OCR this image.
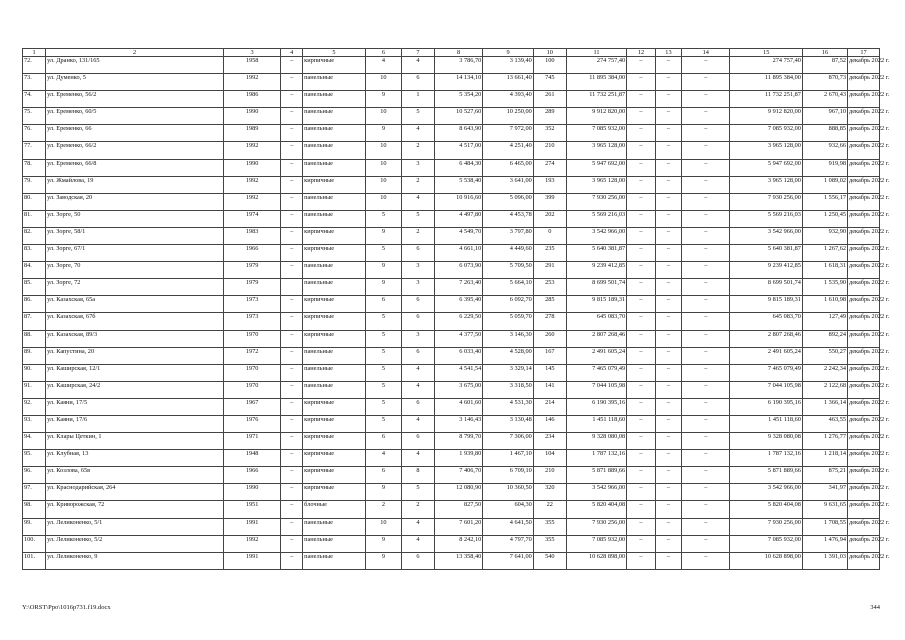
1	2	3	4	5	6	7	8	9	10	11	12	13	14	15	16	17
72.	ул. Дранко, 131/165	1958	–	кирпичные	4	4	3 786,70	3 139,40	100	274 757,40	–	–	–	274 757,40	87,52	декабрь 2022 г.
73.	ул. Думенко, 5	1992	–	панельные	10	6	14 134,10	13 661,40	745	11 895 384,00	–	–	–	11 895 384,00	870,73	декабрь 2022 г.
74.	ул. Еременко, 56/2	1986	–	панельные	9	1	5 354,20	4 393,40	261	11 732 251,87	–	–	–	11 732 251,87	2 670,43	декабрь 2022 г.
75.	ул. Еременко, 60/5	1990	–	панельные	10	5	10 527,60	10 250,00	289	9 912 820,00	–	–	–	9 912 820,00	967,10	декабрь 2022 г.
76.	ул. Еременко, 66	1989	–	панельные	9	4	8 643,90	7 972,00	352	7 085 932,00	–	–	–	7 085 932,00	888,85	декабрь 2022 г.
77.	ул. Еременко, 66/2	1992	–	панельные	10	2	4 517,00	4 251,40	210	3 965 128,00	–	–	–	3 965 128,00	932,66	декабрь 2022 г.
78.	ул. Еременко, 66/8	1990	–	панельные	10	3	6 484,30	6 465,00	274	5 947 692,00	–	–	–	5 947 692,00	919,98	декабрь 2022 г.
79.	ул. Жмайлова, 19	1992	–	кирпичные	10	2	5 538,40	3 641,00	193	3 965 128,00	–	–	–	3 965 128,00	1 089,02	декабрь 2022 г.
80.	ул. Заводская, 20	1992	–	панельные	10	4	10 916,60	5 096,00	399	7 930 256,00	–	–	–	7 930 256,00	1 556,17	декабрь 2022 г.
81.	ул. Зорге, 50	1974	–	панельные	5	5	4 497,80	4 453,78	202	5 569 216,03	–	–	–	5 569 216,03	1 250,45	декабрь 2022 г.
82.	ул. Зорге, 58/1	1983	–	кирпичные	9	2	4 549,70	3 797,80	0	3 542 966,00	–	–	–	3 542 966,00	932,90	декабрь 2022 г.
83.	ул. Зорге, 67/1	1966	–	кирпичные	5	6	4 661,10	4 449,60	235	5 640 381,87	–	–	–	5 640 381,87	1 267,62	декабрь 2022 г.
84.	ул. Зорге, 70	1979	–	панельные	9	3	6 073,90	5 709,50	291	9 239 412,85	–	–	–	9 239 412,85	1 618,31	декабрь 2022 г.
85.	ул. Зорге, 72	1979		панельные	9	3	7 263,40	5 664,10	253	8 699 501,74	–	–	–	8 699 501,74	1 535,90	декабрь 2022 г.
86.	ул. Казахская, 65а	1973	–	кирпичные	6	6	6 395,40	6 092,70	285	9 815 189,31	–	–	–	9 815 189,31	1 610,98	декабрь 2022 г.
87.	ул. Казахская, 67б	1973	–	кирпичные	5	6	6 229,50	5 059,70	278	645 083,70	–	–	–	645 083,70	127,49	декабрь 2022 г.
88.	ул. Казахская, 89/3	1970	–	кирпичные	5	3	4 377,50	3 146,30	260	2 807 268,46	–	–	–	2 807 268,46	892,24	декабрь 2022 г.
89.	ул. Капустина, 20	1972	–	панельные	5	6	6 033,40	4 528,00	167	2 491 605,24	–	–	–	2 491 605,24	550,27	декабрь 2022 г.
90.	ул. Каширская, 12/1	1970	–	панельные	5	4	4 541,54	3 329,14	145	7 465 079,49	–	–	–	7 465 079,49	2 242,34	декабрь 2022 г.
91.	ул. Каширская, 24/2	1970	–	панельные	5	4	3 675,00	3 318,50	141	7 044 105,98	–	–	–	7 044 105,98	2 122,68	декабрь 2022 г.
92.	ул. Каяни, 17/5	1967	–	кирпичные	5	6	4 601,60	4 531,30	214	6 190 395,16	–	–	–	6 190 395,16	1 366,14	декабрь 2022 г.
93.	ул. Каяни, 17/6	1976	–	кирпичные	5	4	3 146,43	3 130,48	146	1 451 118,60	–	–	–	1 451 118,60	463,55	декабрь 2022 г.
94.	ул. Клары Цеткин, 1	1971	–	кирпичные	6	6	8 799,70	7 306,00	234	9 328 080,08	–	–	–	9 328 080,08	1 276,77	декабрь 2022 г.
95.	ул. Клубная, 13	1948	–	кирпичные	4	4	1 939,80	1 467,10	104	1 787 132,16	–	–	–	1 787 132,16	1 218,14	декабрь 2022 г.
96.	ул. Козлова, 65в	1966	–	кирпичные	6	8	7 406,70	6 709,10	210	5 871 889,66	–	–	–	5 871 889,66	875,21	декабрь 2022 г.
97.	ул. Краснодарийская, 264	1990	–	кирпичные	9	5	12 080,90	10 360,50	320	3 542 966,00	–	–	–	3 542 966,00	341,97	декабрь 2022 г.
98.	ул. Криворожская, 72	1951	–	блочные	2	2	827,50	604,30	22	5 820 404,08	–	–	–	5 820 404,08	9 631,65	декабрь 2022 г.
99.	ул. Леликоненко, 5/1	1991	–	панельные	10	4	7 601,20	4 641,50	355	7 930 256,00	–	–	–	7 930 256,00	1 708,55	декабрь 2022 г.
100.	ул. Леликоненко, 5/2	1992	–	панельные	9	4	8 242,10	4 797,70	355	7 085 932,00	–	–	–	7 085 932,00	1 476,94	декабрь 2022 г.
101.	ул. Леликоненко, 9	1991	–	панельные	9	6	13 358,40	7 641,00	540	10 628 898,00	–	–	–	10 628 898,00	1 391,03	декабрь 2022 г.
Y:\ORST\Ppo\1016p731.f19.docx	344
